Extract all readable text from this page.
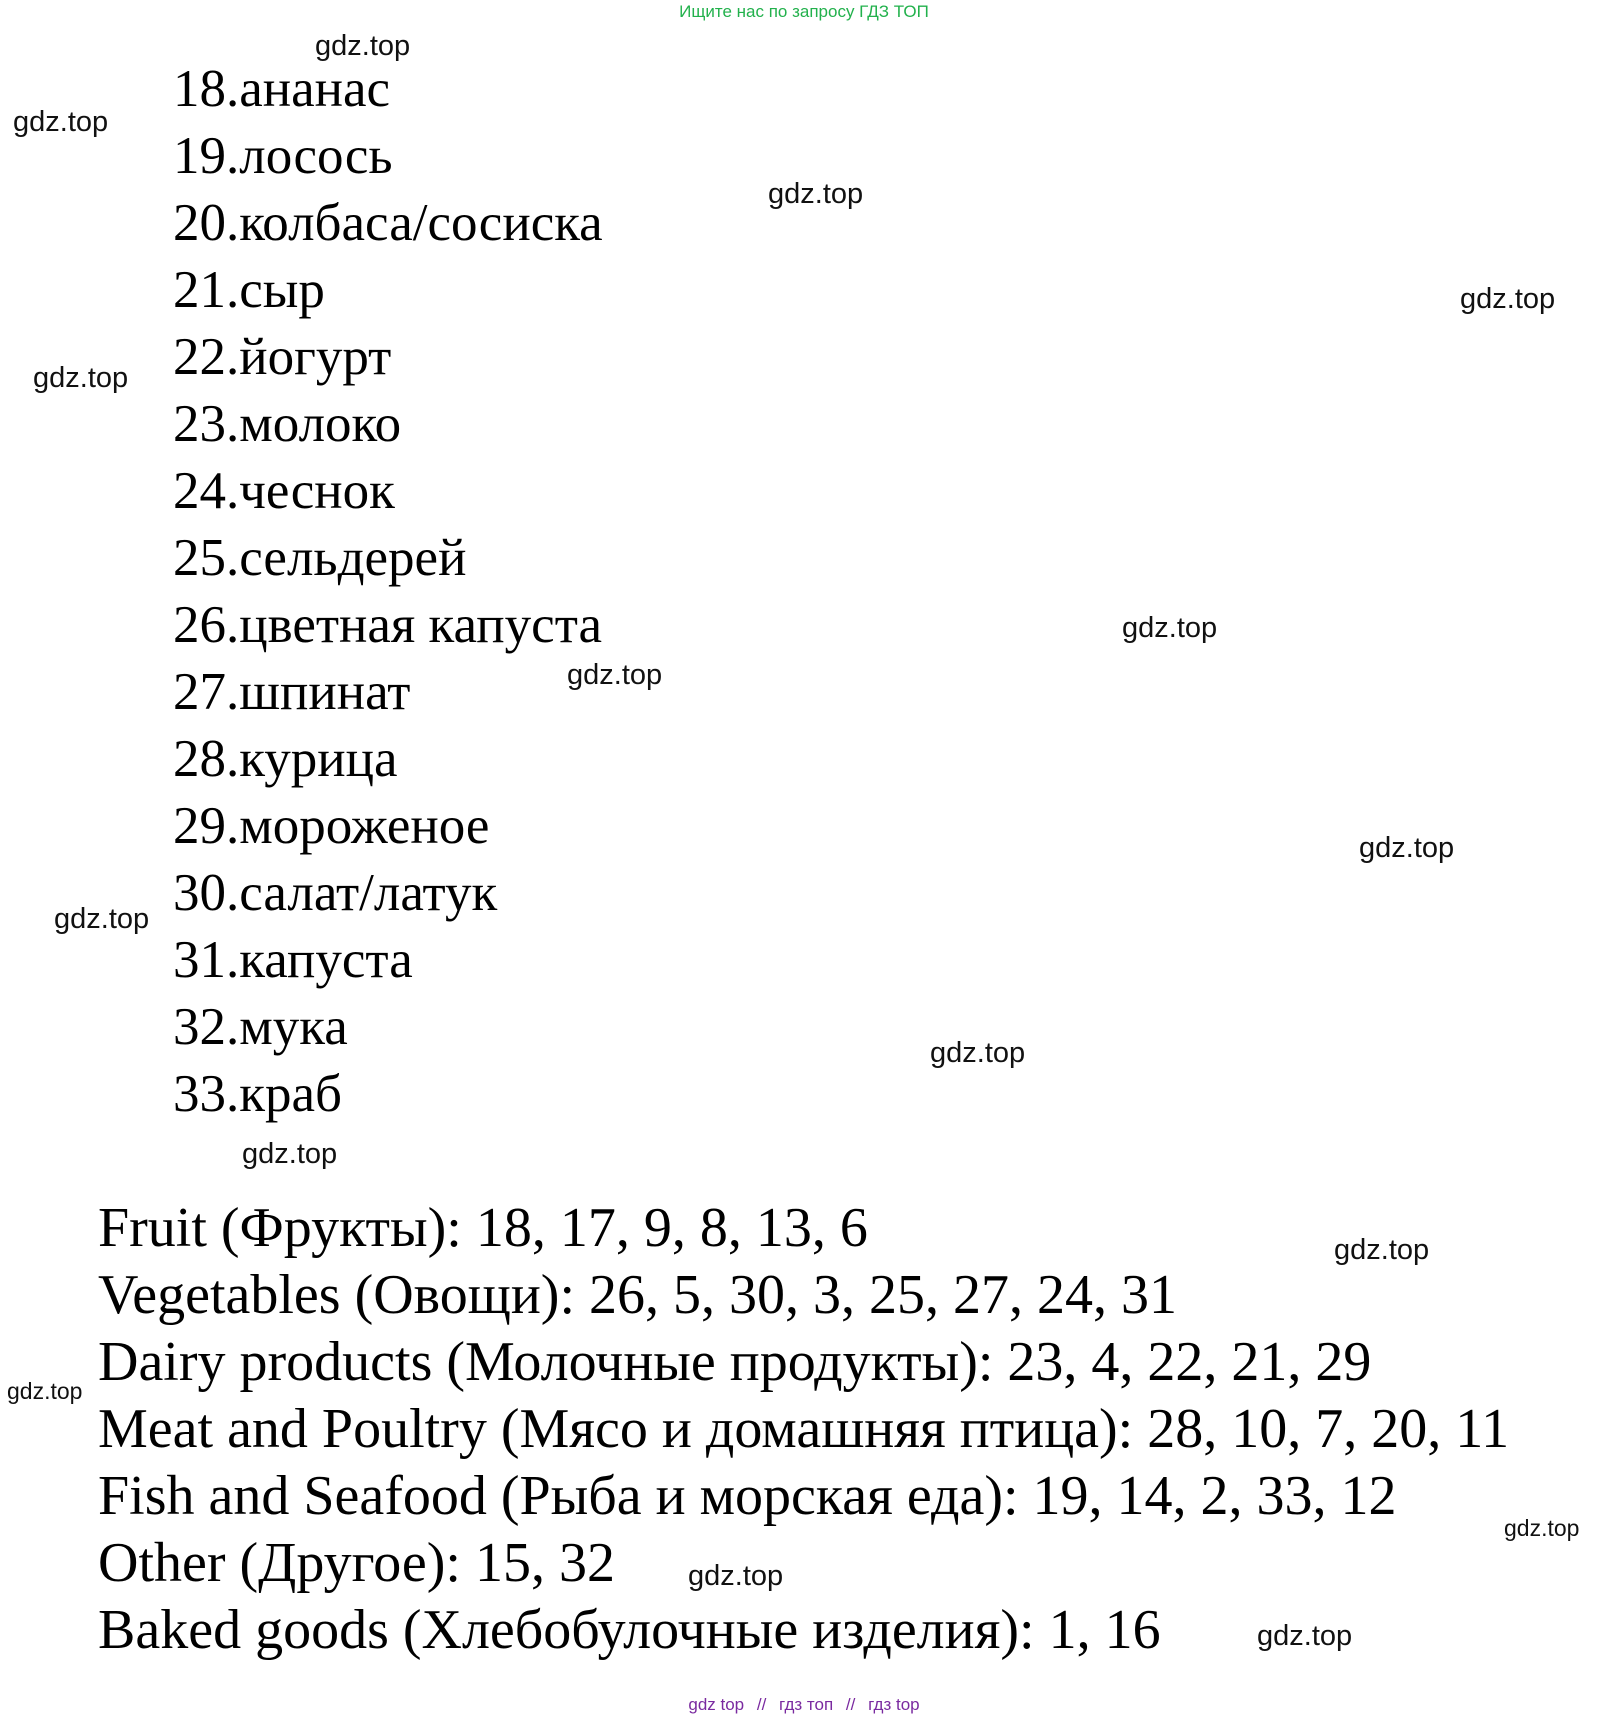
Ищите нас по запросу ГДЗ ТОП
18.ананас
19.лосось
20.колбаса/сосиска
21.сыр
22.йогурт
23.молоко
24.чеснок
25.сельдерей
26.цветная капуста
27.шпинат
28.курица
29.мороженое
30.салат/латук
31.капуста
32.мука
33.краб
Fruit (Фрукты): 18, 17, 9, 8, 13, 6
Vegetables (Овощи): 26, 5, 30, 3, 25, 27, 24, 31
Dairy products (Молочные продукты): 23, 4, 22, 21, 29
Meat and Poultry (Мясо и домашняя птица): 28, 10, 7, 20, 11
Fish and Seafood (Рыба и морская еда): 19, 14, 2, 33, 12
Other (Другое): 15, 32
Baked goods (Хлебобулочные изделия): 1, 16
gdz.top
gdz.top
gdz.top
gdz.top
gdz.top
gdz.top
gdz.top
gdz.top
gdz.top
gdz.top
gdz.top
gdz.top
gdz.top
gdz.top
gdz.top
gdz.top
gdz top // гдз топ // гдз top
